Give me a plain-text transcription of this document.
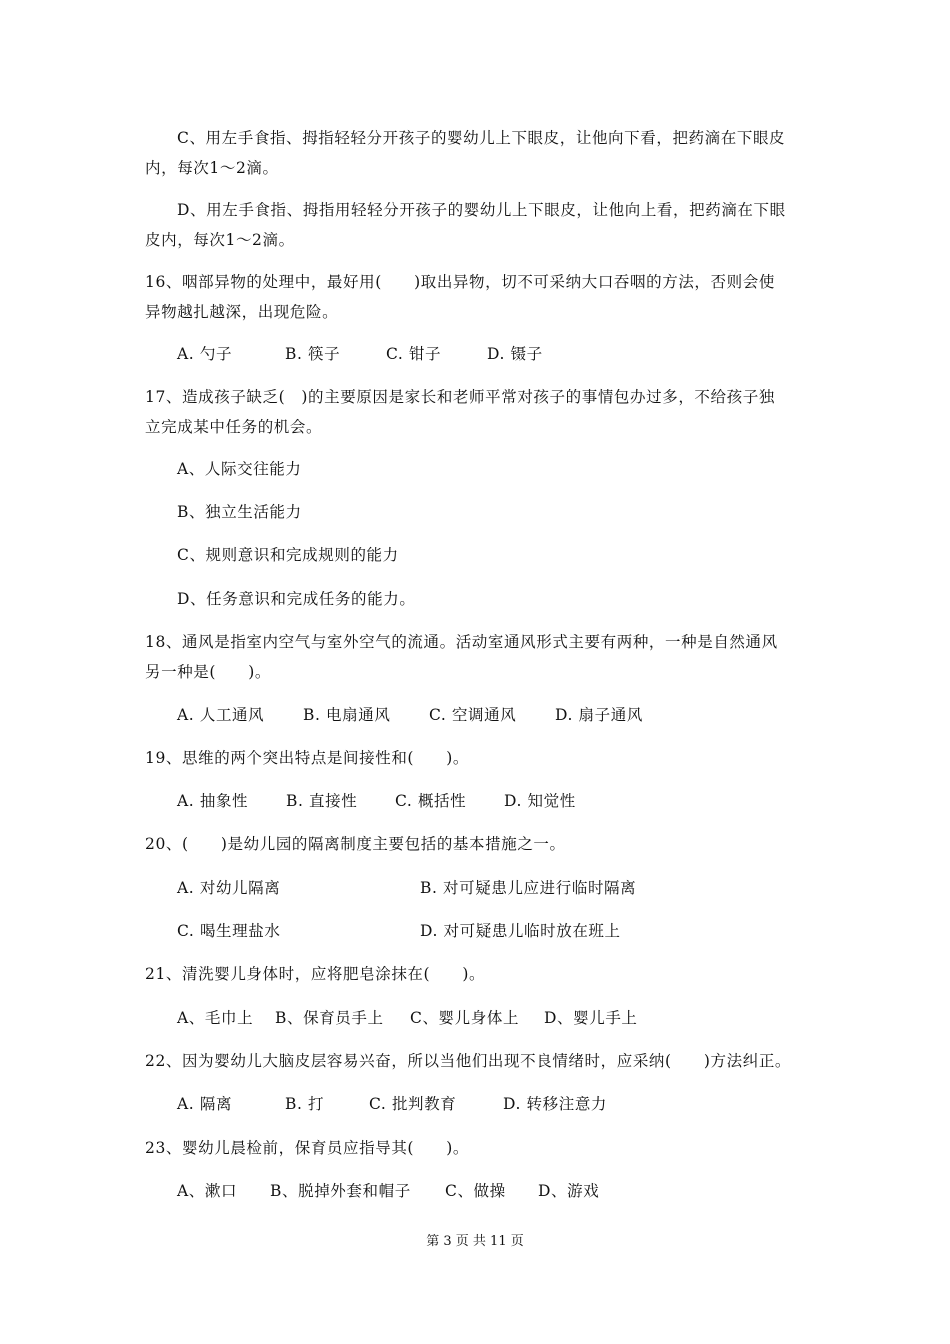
C、用左手食指、拇指轻轻分开孩子的婴幼儿上下眼皮，让他向下看，把药滴在下眼皮
内，每次1～2滴。
D、用左手食指、拇指用轻轻分开孩子的婴幼儿上下眼皮，让他向上看，把药滴在下眼
皮内，每次1～2滴。
16、咽部异物的处理中，最好用(　　)取出异物，切不可采纳大口吞咽的方法，否则会使
异物越扎越深，出现危险。
A. 勺子	B. 筷子	C. 钳子	D. 镊子
17、造成孩子缺乏(　)的主要原因是家长和老师平常对孩子的事情包办过多，不给孩子独
立完成某中任务的机会。
A、人际交往能力
B、独立生活能力
C、规则意识和完成规则的能力
D、任务意识和完成任务的能力。
18、通风是指室内空气与室外空气的流通。活动室通风形式主要有两种，一种是自然通风
另一种是(　　)。
A. 人工通风	B. 电扇通风 C. 空调通风 D. 扇子通风
19、思维的两个突出特点是间接性和(　　)。
A. 抽象性 B. 直接性 C. 概括性 D. 知觉性
20、(　　)是幼儿园的隔离制度主要包括的基本措施之一。
A. 对幼儿隔离	B. 对可疑患儿应进行临时隔离
C. 喝生理盐水	D. 对可疑患儿临时放在班上
21、清洗婴儿身体时，应将肥皂涂抹在(　　)。
A、毛巾上 B、保育员手上 C、婴儿身体上 D、婴儿手上
22、因为婴幼儿大脑皮层容易兴奋，所以当他们出现不良情绪时，应采纳(　　)方法纠正。
A. 隔离	B. 打	C. 批判教育	D. 转移注意力
23、婴幼儿晨检前，保育员应指导其(　　)。
A、漱口 B、脱掉外套和帽子 C、做操 D、游戏
第 3 页 共 11 页
